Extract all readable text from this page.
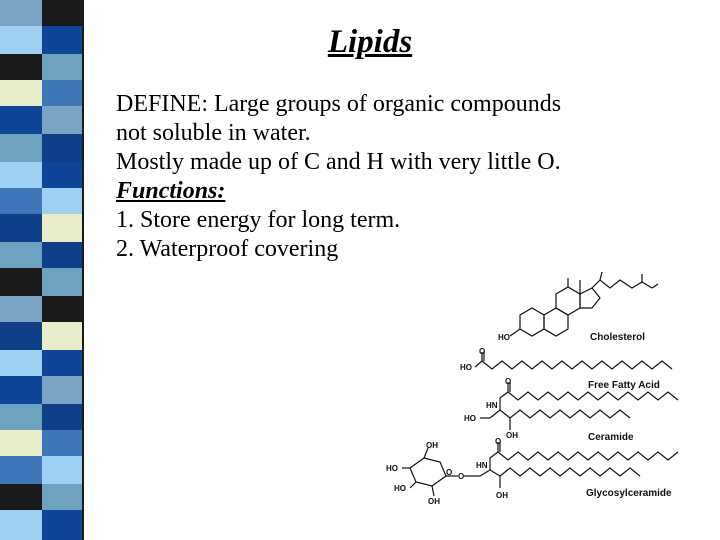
Lipids
DEFINE: Large groups of organic compounds
not soluble in water.
Mostly made up of C and H with very little O.
Functions:
1. Store energy for long term.
2. Waterproof covering
HO
O
HO
HN
O
HO
OH
HO
OH
HO
OH
O O
HN
O
OH
Cholesterol
Free Fatty Acid
Ceramide
Glycosylceramide
